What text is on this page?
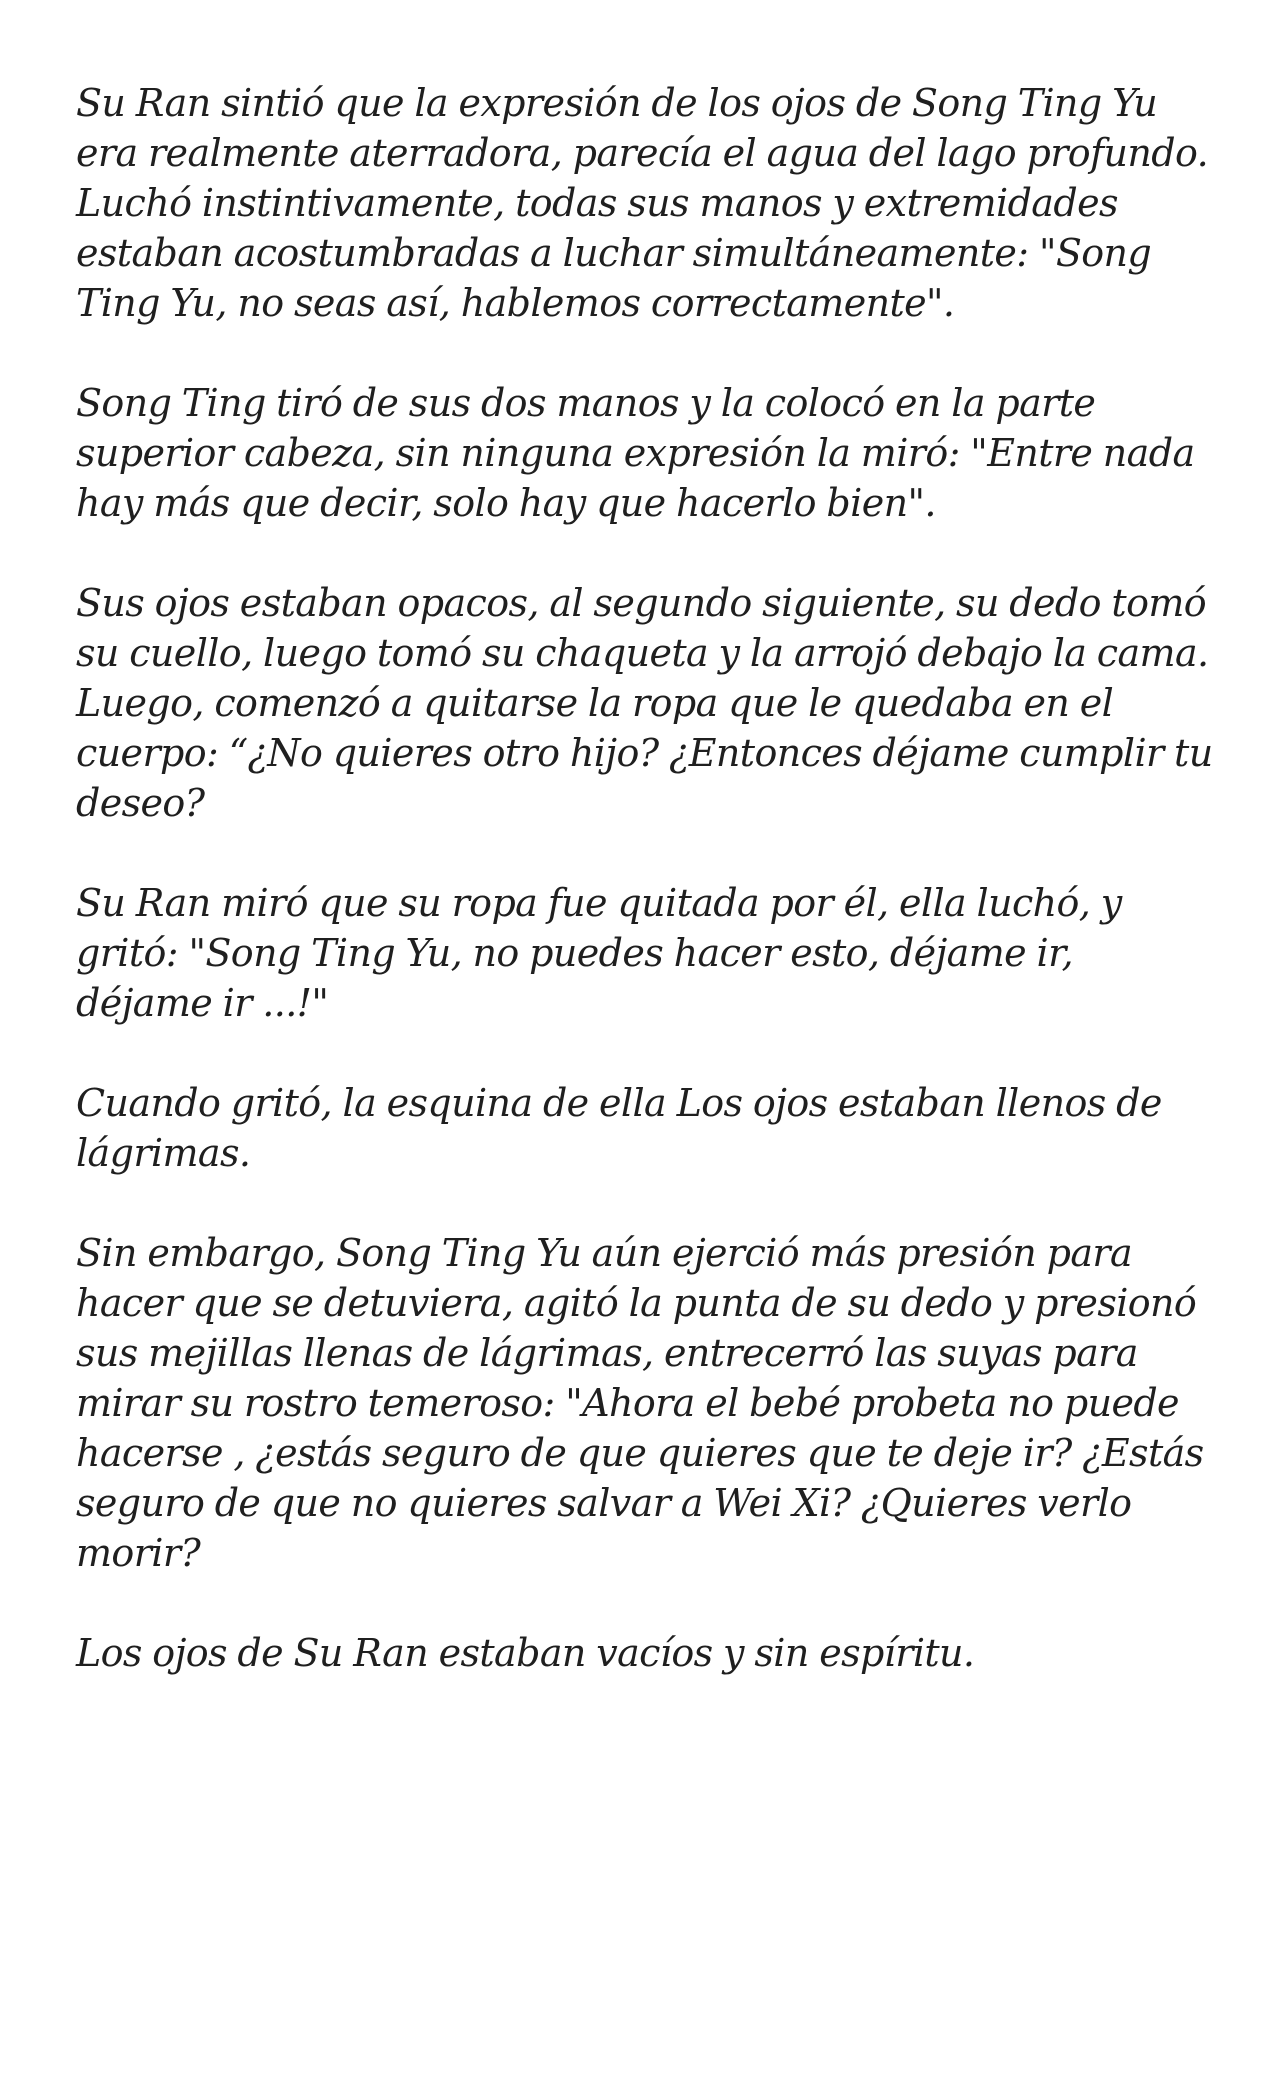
Su Ran sintió que la expresión de los ojos de Song Ting Yu era realmente aterradora, parecía el agua del lago profundo. Luchó instintivamente, todas sus manos y extremidades estaban acostumbradas a luchar simultáneamente: "Song Ting Yu, no seas así, hablemos correctamente".

Song Ting tiró de sus dos manos y la colocó en la parte superior cabeza, sin ninguna expresión la miró: "Entre nada hay más que decir, solo hay que hacerlo bien".

Sus ojos estaban opacos, al segundo siguiente, su dedo tomó su cuello, luego tomó su chaqueta y la arrojó debajo la cama. Luego, comenzó a quitarse la ropa que le quedaba en el cuerpo: “¿No quieres otro hijo? ¿Entonces déjame cumplir tu deseo?

Su Ran miró que su ropa fue quitada por él, ella luchó, y gritó: "Song Ting Yu, no puedes hacer esto, déjame ir, déjame ir ...!"

Cuando gritó, la esquina de ella Los ojos estaban llenos de lágrimas.

Sin embargo, Song Ting Yu aún ejerció más presión para hacer que se detuviera, agitó la punta de su dedo y presionó sus mejillas llenas de lágrimas, entrecerró las suyas para mirar su rostro temeroso: "Ahora el bebé probeta no puede hacerse , ¿estás seguro de que quieres que te deje ir? ¿Estás seguro de que no quieres salvar a Wei Xi? ¿Quieres verlo morir?

Los ojos de Su Ran estaban vacíos y sin espíritu.
